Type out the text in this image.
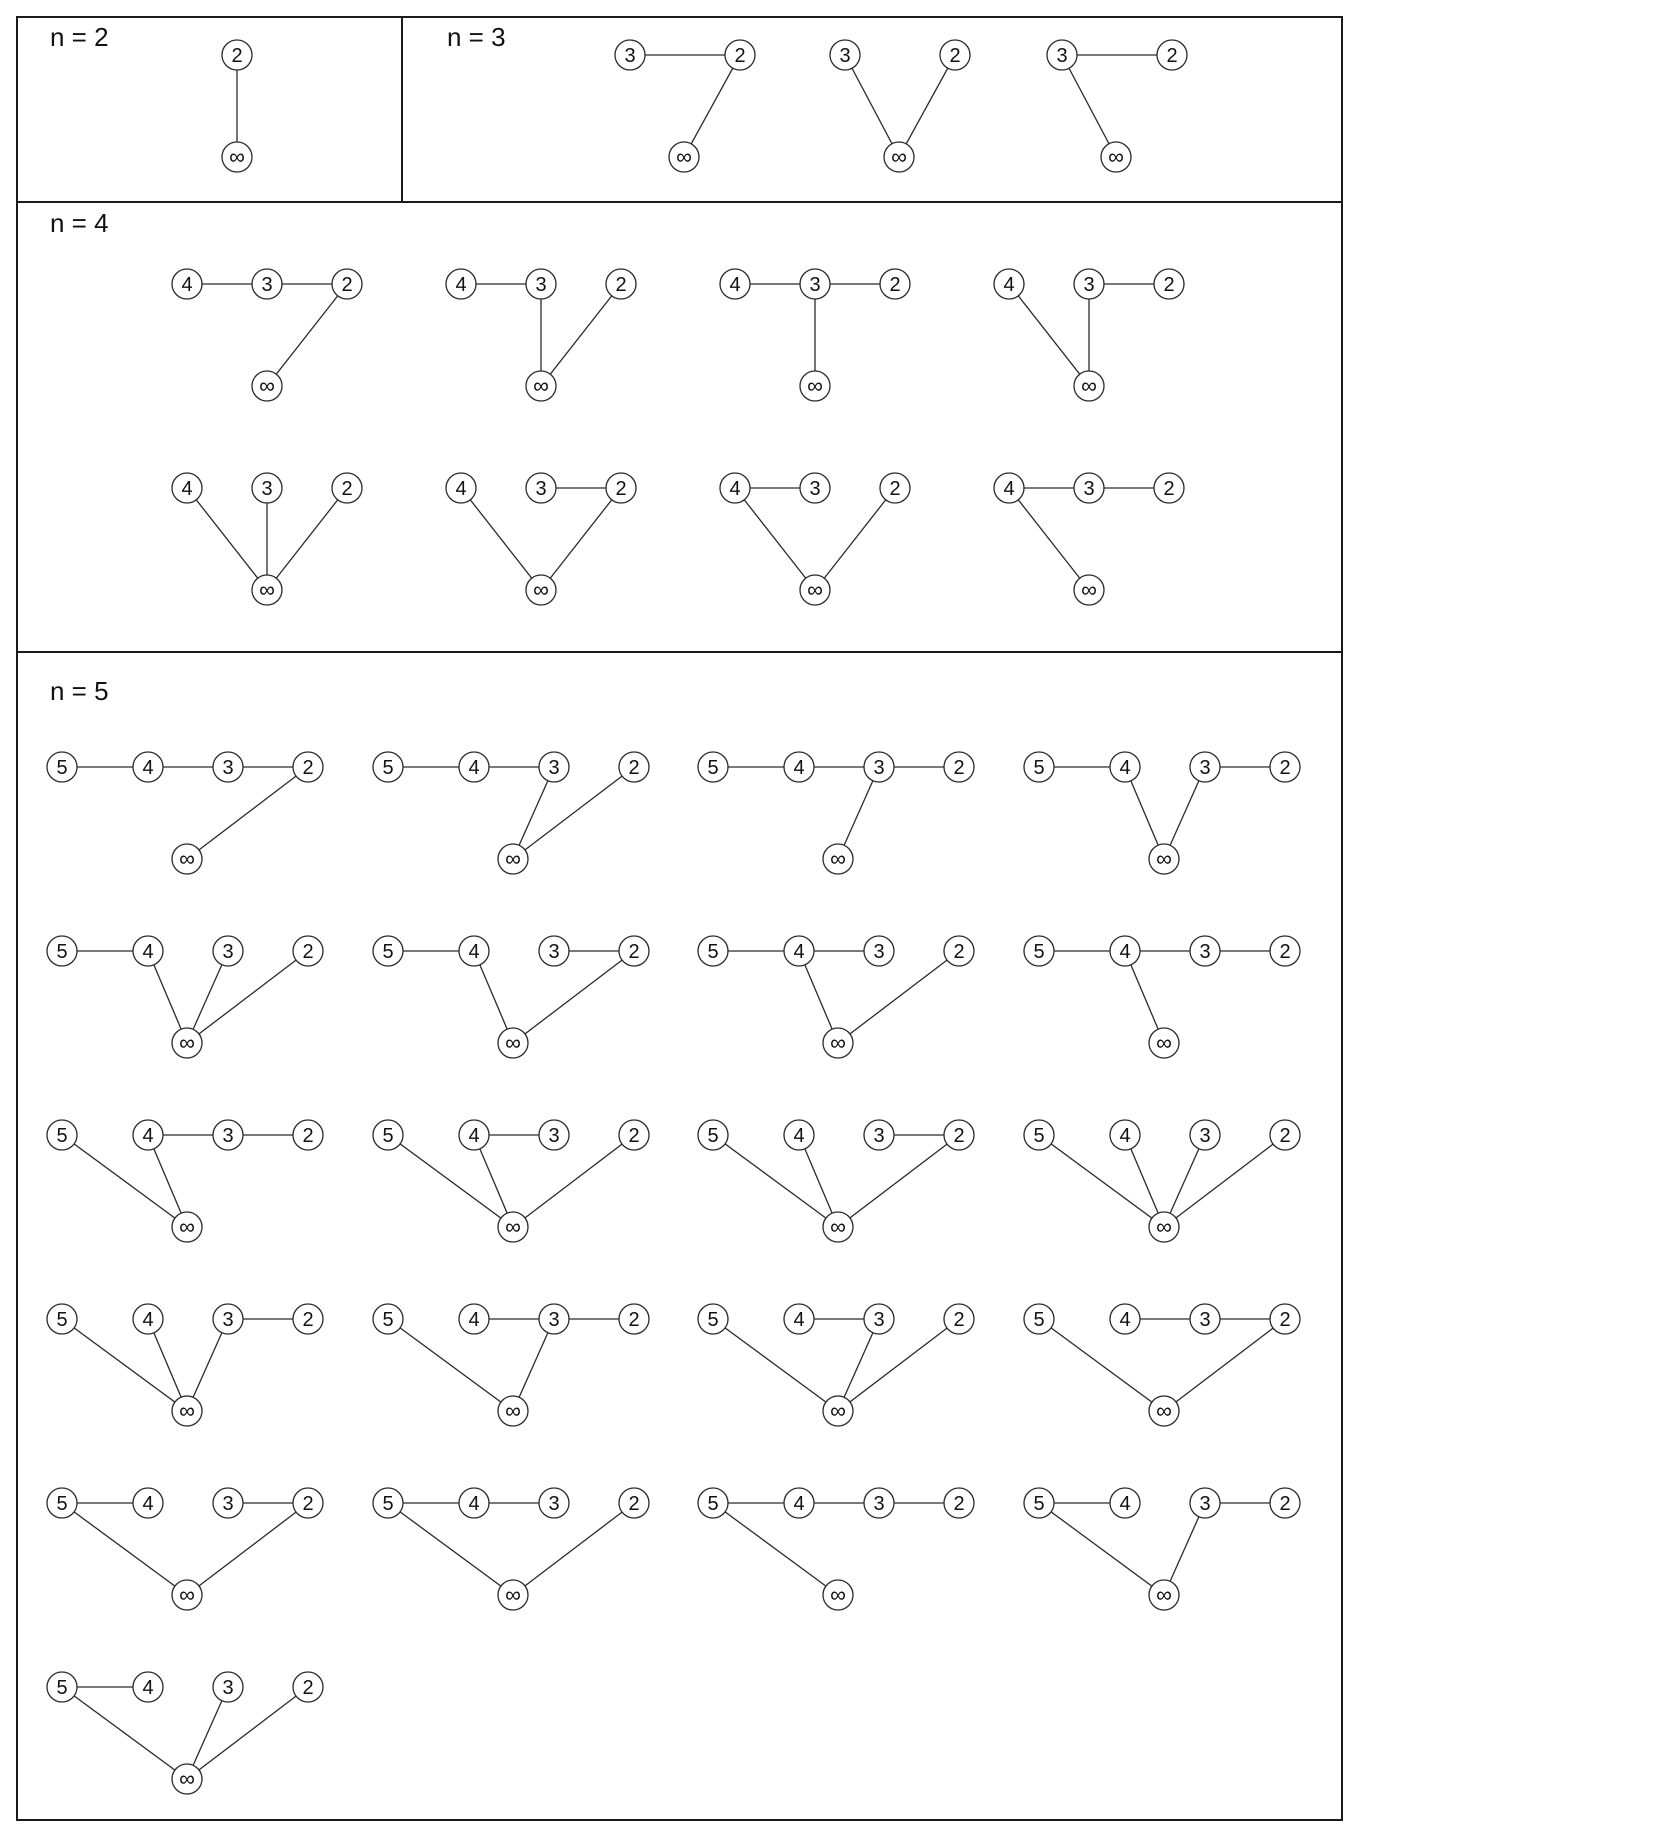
n = 2	n = 3
n = 4
n = 5
2
∞
3	2
∞
3	2
∞
3	2
∞
4	3	2
∞
4	3	2
∞
4	3	2
∞
4	3	2
∞
4	3	2
∞
4	3	2
∞
4	3	2
∞
4	3	2
∞
5	4	3	2
∞
5	4	3	2
∞
5	4	3	2
∞
5	4	3	2
∞
5	4	3	2
∞
5	4	3	2
∞
5	4	3	2
∞
5	4	3	2
∞
5	4	3	2
∞
5	4	3	2
∞
5	4	3	2
∞
5	4	3	2
∞
5	4	3	2
∞
5	4	3	2
∞
5	4	3	2
∞
5	4	3	2
∞
5	4	3	2
∞
5	4	3	2
∞
5	4	3	2
∞
5	4	3	2
∞
5	4	3	2
∞
